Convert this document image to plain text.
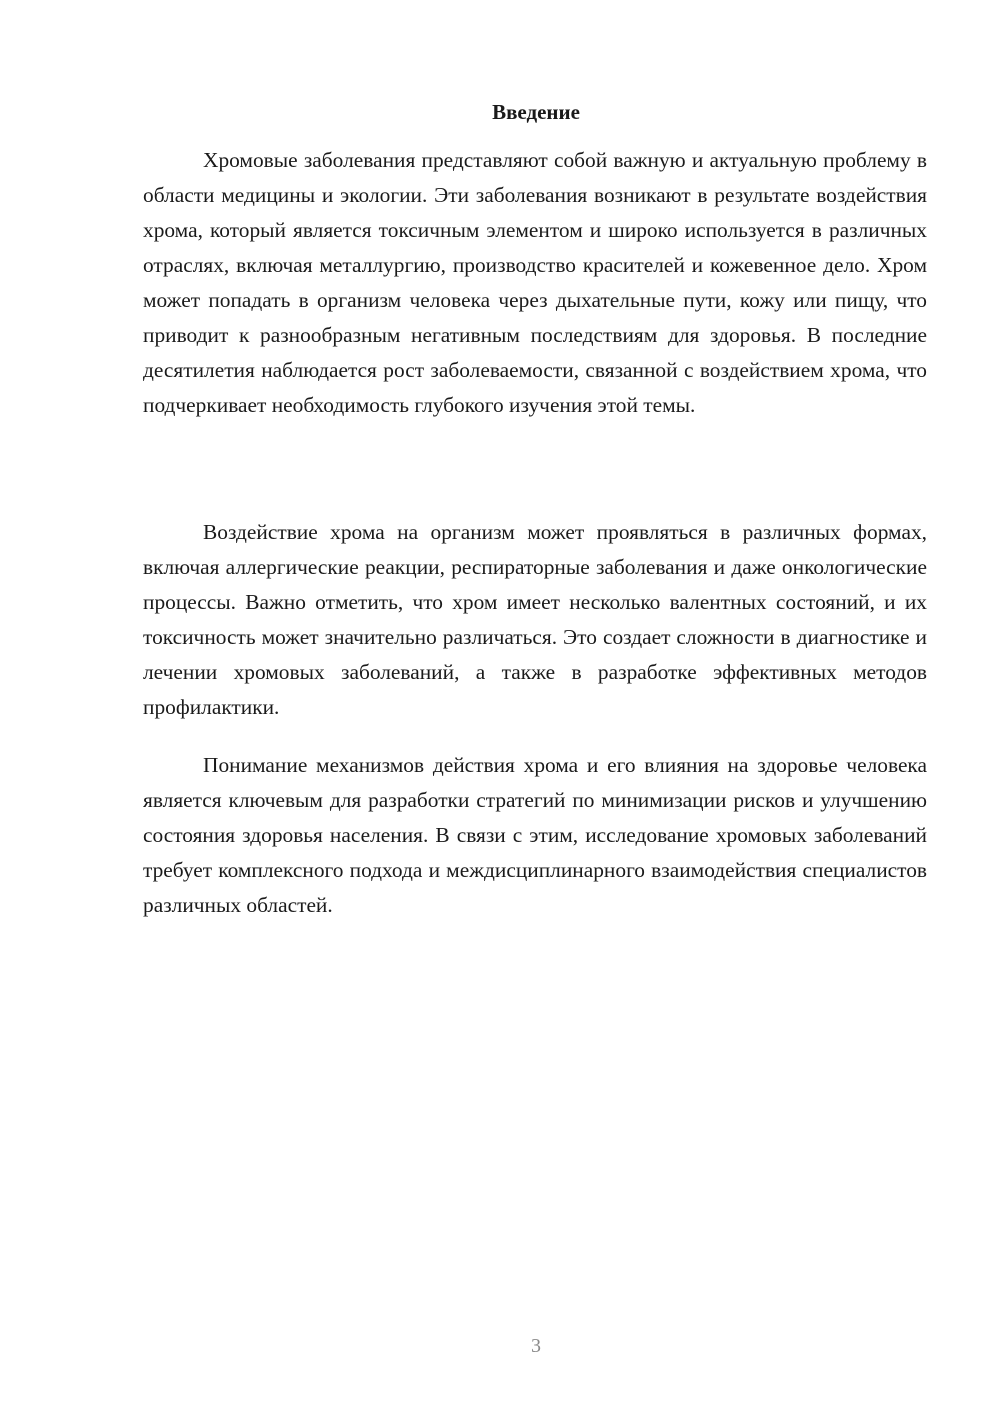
Введение

Хромовые заболевания представляют собой важную и актуальную проблему в области медицины и экологии. Эти заболевания возникают в результате воздействия хрома, который является токсичным элементом и широко используется в различных отраслях, включая металлургию, производство красителей и кожевенное дело. Хром может попадать в организм человека через дыхательные пути, кожу или пищу, что приводит к разнообразным негативным последствиям для здоровья. В последние десятилетия наблюдается рост заболеваемости, связанной с воздействием хрома, что подчеркивает необходимость глубокого изучения этой темы.

Воздействие хрома на организм может проявляться в различных формах, включая аллергические реакции, респираторные заболевания и даже онкологические процессы. Важно отметить, что хром имеет несколько валентных состояний, и их токсичность может значительно различаться. Это создает сложности в диагностике и лечении хромовых заболеваний, а также в разработке эффективных методов профилактики.

Понимание механизмов действия хрома и его влияния на здоровье человека является ключевым для разработки стратегий по минимизации рисков и улучшению состояния здоровья населения. В связи с этим, исследование хромовых заболеваний требует комплексного подхода и междисциплинарного взаимодействия специалистов различных областей.

3
